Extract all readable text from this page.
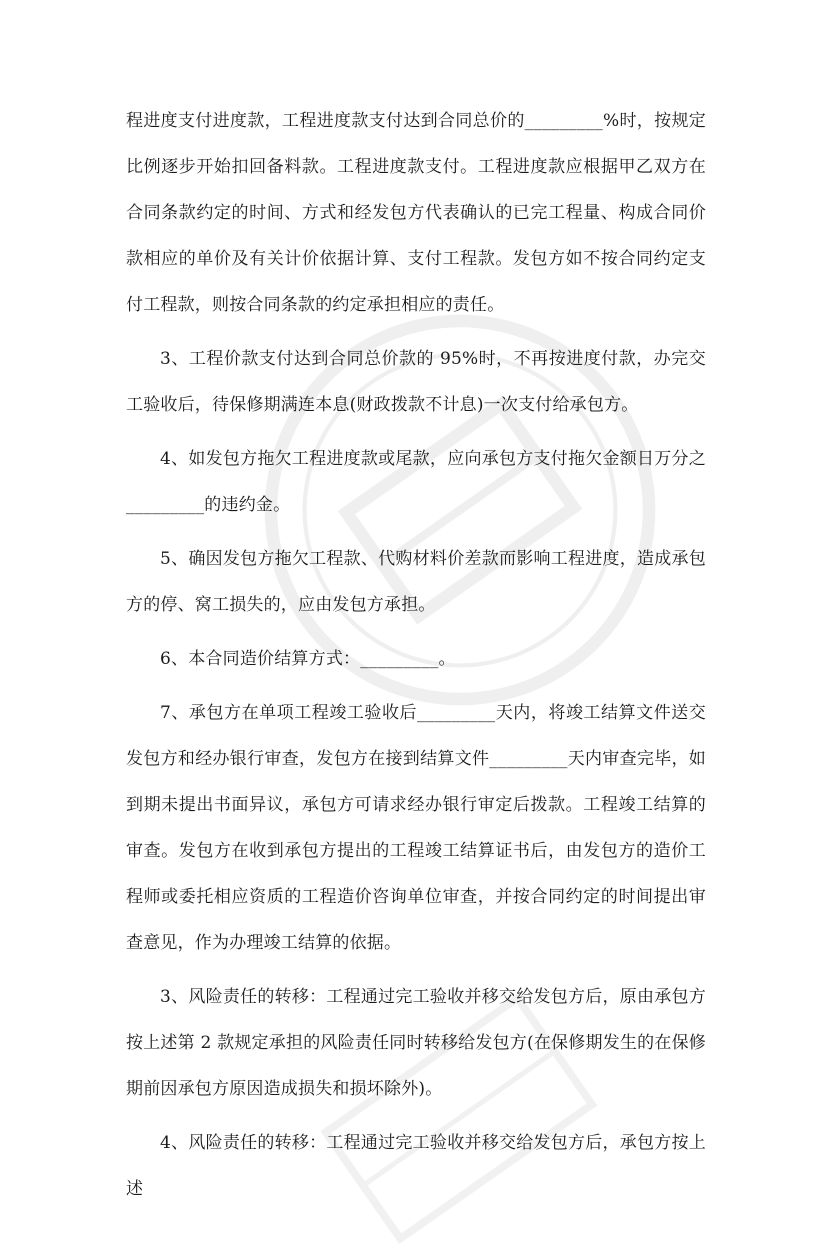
程进度支付进度款，工程进度款支付达到合同总价的_________%时，按规定比例逐步开始扣回备料款。工程进度款支付。工程进度款应根据甲乙双方在合同条款约定的时间、方式和经发包方代表确认的已完工程量、构成合同价款相应的单价及有关计价依据计算、支付工程款。发包方如不按合同约定支付工程款，则按合同条款的约定承担相应的责任。

3、工程价款支付达到合同总价款的 95%时，不再按进度付款，办完交工验收后，待保修期满连本息(财政拨款不计息)一次支付给承包方。

4、如发包方拖欠工程进度款或尾款，应向承包方支付拖欠金额日万分之_________的违约金。

5、确因发包方拖欠工程款、代购材料价差款而影响工程进度，造成承包方的停、窝工损失的，应由发包方承担。

6、本合同造价结算方式：_________。

7、承包方在单项工程竣工验收后_________天内，将竣工结算文件送交发包方和经办银行审查，发包方在接到结算文件_________天内审查完毕，如到期未提出书面异议，承包方可请求经办银行审定后拨款。工程竣工结算的审查。发包方在收到承包方提出的工程竣工结算证书后，由发包方的造价工程师或委托相应资质的工程造价咨询单位审查，并按合同约定的时间提出审查意见，作为办理竣工结算的依据。

3、风险责任的转移：工程通过完工验收并移交给发包方后，原由承包方按上述第 2 款规定承担的风险责任同时转移给发包方(在保修期发生的在保修期前因承包方原因造成损失和损坏除外)。

4、风险责任的转移：工程通过完工验收并移交给发包方后，承包方按上述
